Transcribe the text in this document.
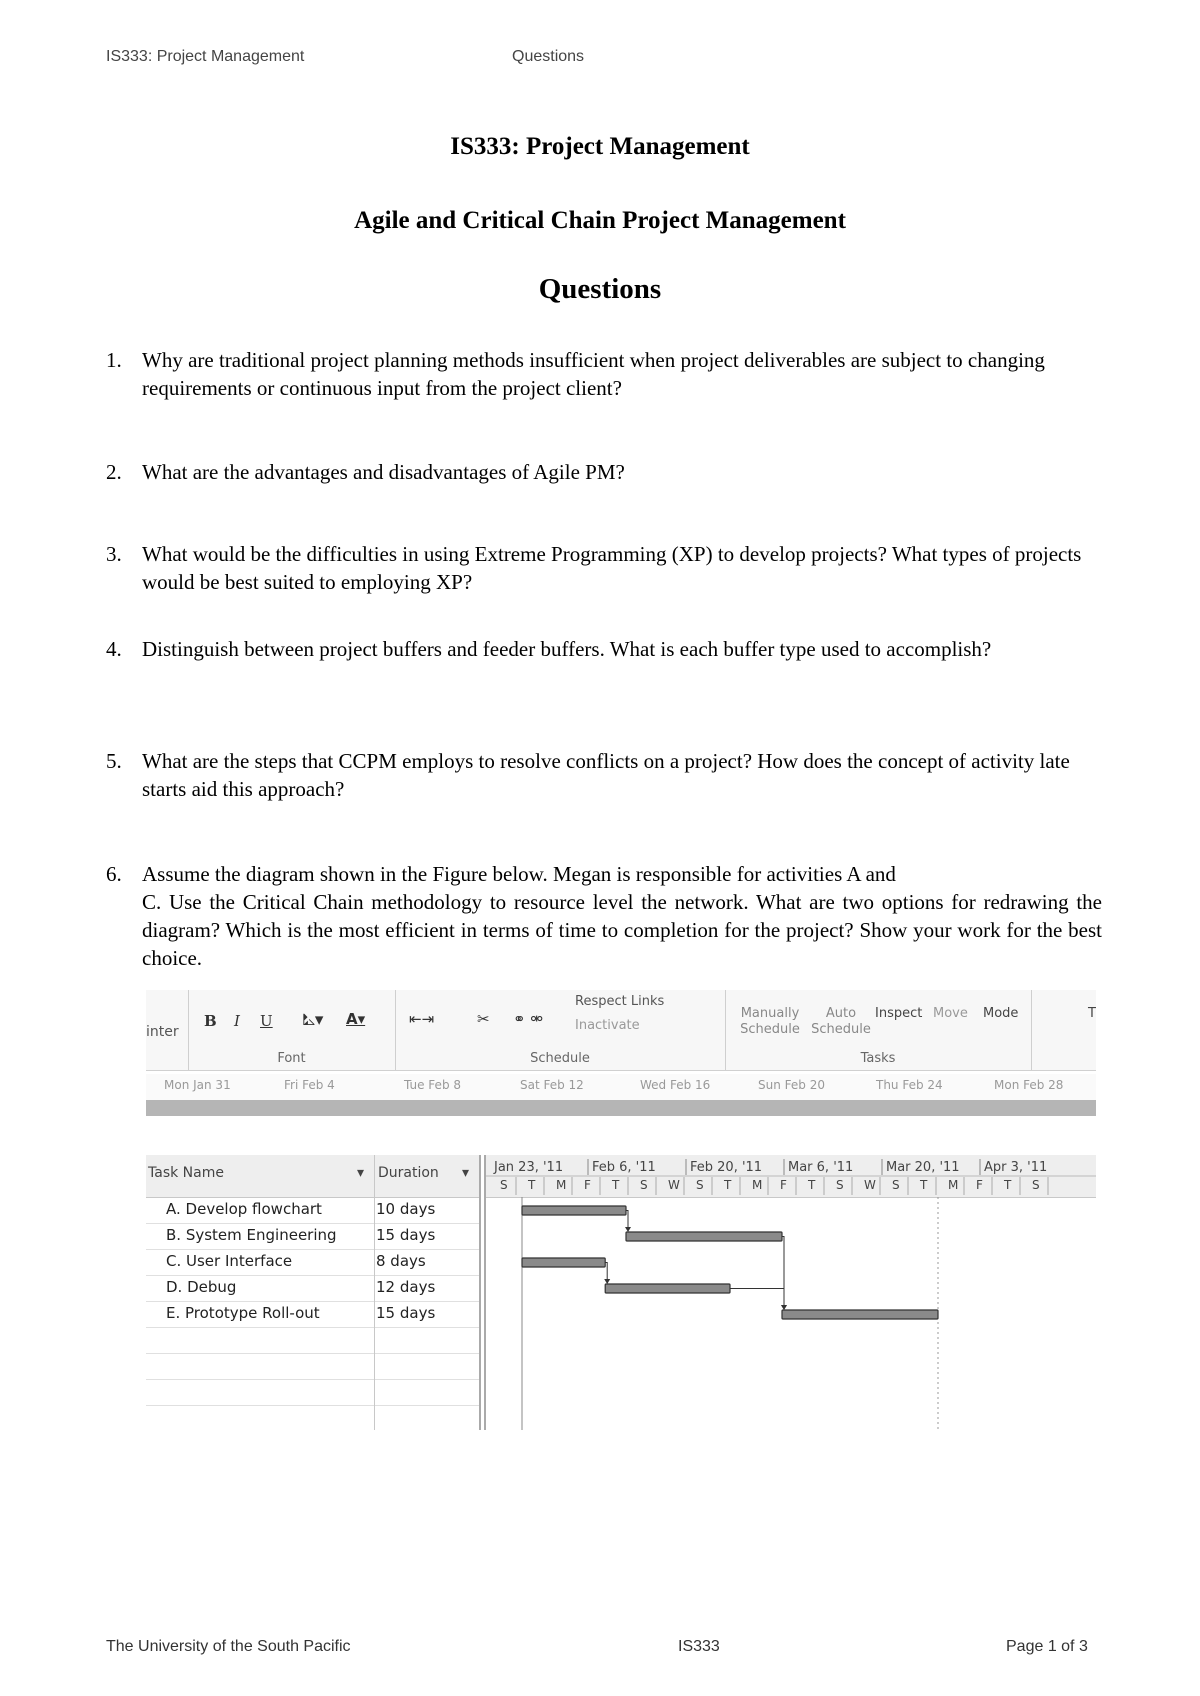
IS333: Project Management	Questions
IS333: Project Management
Agile and Critical Chain Project Management
Questions
1. Why are traditional project planning methods insufficient when project deliverables are subject to changing requirements or continuous input from the project client?
2. What are the advantages and disadvantages of Agile PM?
3. What would be the difficulties in using Extreme Programming (XP) to develop projects? What types of projects would be best suited to employing XP?
4. Distinguish between project buffers and feeder buffers. What is each buffer type used to accomplish?
5. What are the steps that CCPM employs to resolve conflicts on a project? How does the concept of activity late starts aid this approach?
6. Assume the diagram shown in the Figure below. Megan is responsible for activities A and
C. Use the Critical Chain methodology to resource level the network. What are two options for redrawing the diagram? Which is the most efficient in terms of time to completion for the project? Show your work for the best choice.
inter
B I U ⛡▾ A▾
Font
⇤⇥	✂ ⚭ ⚮
Respect Links
Inactivate
Schedule
Manually Schedule
Auto Schedule
Inspect Move Mode
Tasks
T
Mon Jan 31	Fri Feb 4	Tue Feb 8	Sat Feb 12	Wed Feb 16	Sun Feb 20	Thu Feb 24	Mon Feb 28
Task Name	▾ Duration ▾
A. Develop flowchart	10 days
B. System Engineering	15 days
C. User Interface	8 days
D. Debug	12 days
E. Prototype Roll-out	15 days
Jan 23, '11 Feb 6, '11	Feb 20, '11 Mar 6, '11	Mar 20, '11 Apr 3, '11
S T M F T S W S T M F T S W S T M F T S
The University of the South Pacific	IS333	Page 1 of 3
